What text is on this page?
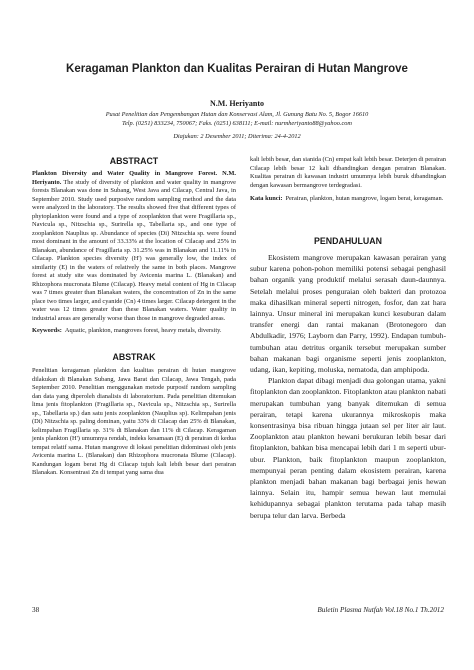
Keragaman Plankton dan Kualitas Perairan di Hutan Mangrove
N.M. Heriyanto
Pusat Penelitian dan Pengembangan Hutan dan Konservasi Alam, Jl. Gunung Batu No. 5, Bogor 16610
Telp. (0251) 833234, 750067; Faks. (0251) 638111; E-mail: nurmheriyanto88@yahoo.com
Diajukan: 2 Desember 2011; Diterima: 24-4-2012
ABSTRACT

Plankton Diversity and Water Quality in Mangrove Forest. N.M. Heriyanto. The study of diversity of plankton and water quality in mangrove forests Blanakan was done in Subang, West Java and Cilacap, Central Java, in September 2010. Study used purposive random sampling method and the data were analyzed in the laboratory. The results showed five that different types of phytoplankton were found and a type of zooplankton that were Fragillaria sp., Navicula sp., Nitzschia sp., Surirella sp., Tabellaria sp., and one type of zooplankton Nauplius sp. Abundance of species (Di) Nitzschia sp. were found most dominant in the amount of 33.33% at the location of Cilacap and 25% in Blanakan, abundance of Fragillaria sp. 31.25% was in Blanakan and 11.11% in Cilacap. Plankton species diversity (H') was generally low, the index of similarity (E) in the waters of relatively the same in both places. Mangrove forest at study site was dominated by Avicenia marina L. (Blanakan) and Rhizophora mucronata Blume (Cilacap). Heavy metal content of Hg in Cilacap was 7 times greater than Blanakan waters, the concentration of Zn in the same place two times larger, and cyanide (Cn) 4 times larger. Cilacap detergent in the water was 12 times greater than these Blanakan waters. Water quality in industrial areas are generally worse than those in mangrove degraded areas.

Keywords: Aquatic, plankton, mangroves forest, heavy metals, diversity.
ABSTRAK

Penelitian keragaman plankton dan kualitas perairan di hutan mangrove dilakukan di Blanakan Subang, Jawa Barat dan Cilacap, Jawa Tengah, pada September 2010. Penelitian menggunakan metode purposif random sampling dan data yang diperoleh dianalisis di laboratorium. Pada penelitian ditemukan lima jenis fitoplankton (Fragillaria sp., Navicula sp., Nitzschia sp., Surirella sp., Tabellaria sp.) dan satu jenis zooplankton (Nauplius sp). Kelimpahan jenis (Di) Nitzschia sp. paling dominan, yaitu 33% di Cilacap dan 25% di Blanakan, kelimpahan Fragillaria sp. 31% di Blanakan dan 11% di Cilacap. Keragaman jenis plankton (H') umumnya rendah, indeks kesamaan (E) di perairan di kedua tempat relatif sama. Hutan mangrove di lokasi penelitian didominasi oleh jenis Avicenia marina L. (Blanakan) dan Rhizophora mucronata Blume (Cilacap). Kandungan logam berat Hg di Cilacap tujuh kali lebih besar dari perairan Blanakan. Konsentrasi Zn di tempat yang sama dua

kali lebih besar, dan sianida (Cn) empat kali lebih besar. Deterjen di perairan Cilacap lebih besar 12 kali dibandingkan dengan perairan Blanakan. Kualitas perairan di kawasan industri umumnya lebih buruk dibandingkan dengan kawasan bermangrove terdegradasi.

Kata kunci: Perairan, plankton, hutan mangrove, logam berat, keragaman.
PENDAHULUAN

Ekosistem mangrove merupakan kawasan perairan yang subur karena pohon-pohon memiliki potensi sebagai penghasil bahan organik yang produktif melalui serasah daun-daunnya. Setelah melalui proses penguraian oleh bakteri dan protozoa maka dihasilkan mineral seperti nitrogen, fosfor, dan zat hara lainnya. Unsur mineral ini merupakan kunci kesuburan dalam transfer energi dan rantai makanan (Brotonegoro dan Abdulkadir, 1976; Layborn dan Parry, 1992). Endapan tumbuh-tumbuhan atau detritus organik tersebut merupakan sumber bahan makanan bagi organisme seperti jenis zooplankton, udang, ikan, kepiting, moluska, nematoda, dan amphipoda.

Plankton dapat dibagi menjadi dua golongan utama, yakni fitoplankton dan zooplankton. Fitoplankton atau plankton nabati merupakan tumbuhan yang banyak ditemukan di semua perairan, tetapi karena ukurannya mikroskopis maka konsentrasinya bisa ribuan hingga jutaan sel per liter air laut. Zooplankton atau plankton hewani berukuran lebih besar dari fitoplankton, bahkan bisa mencapai lebih dari 1 m seperti ubur-ubur. Plankton, baik fitoplankton maupun zooplankton, mempunyai peran penting dalam ekosistem perairan, karena plankton menjadi bahan makanan bagi berbagai jenis hewan lainnya. Selain itu, hampir semua hewan laut memulai kehidupannya sebagai plankton terutama pada tahap masih berupa telur dan larva. Berbeda

38	Buletin Plasma Nutfah Vol.18 No.1 Th.2012
